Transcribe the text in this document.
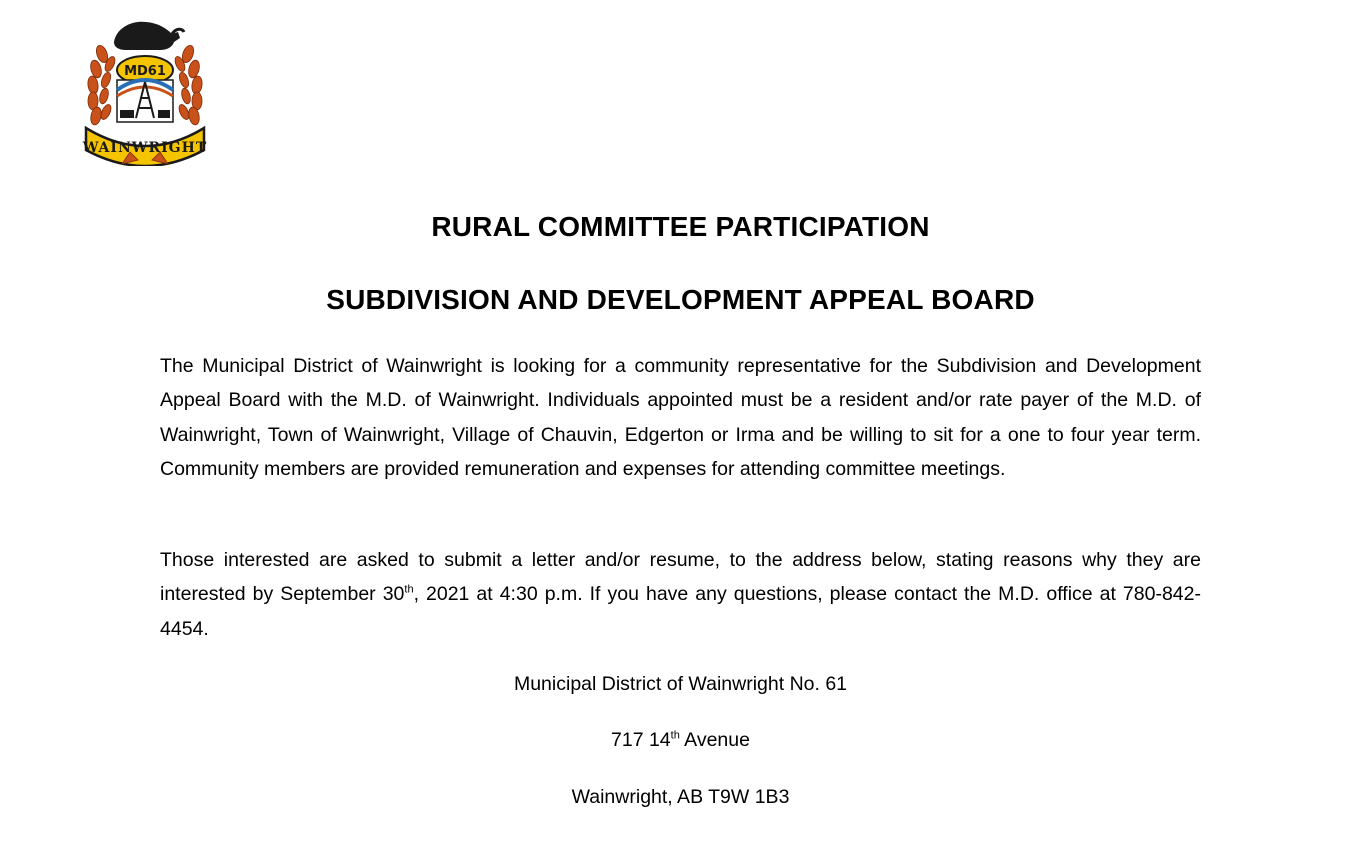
MD61
WAINWRIGHT
RURAL COMMITTEE PARTICIPATION
SUBDIVISION AND DEVELOPMENT APPEAL BOARD

The Municipal District of Wainwright is looking for a community representative for the Subdivision and Development Appeal Board with the M.D. of Wainwright. Individuals appointed must be a resident and/or rate payer of the M.D. of Wainwright, Town of Wainwright, Village of Chauvin, Edgerton or Irma and be willing to sit for a one to four year term. Community members are provided remuneration and expenses for attending committee meetings.

Those interested are asked to submit a letter and/or resume, to the address below, stating reasons why they are interested by September 30th, 2021 at 4:30 p.m. If you have any questions, please contact the M.D. office at 780-842-4454.

Municipal District of Wainwright No. 61

717 14th Avenue

Wainwright, AB T9W 1B3
